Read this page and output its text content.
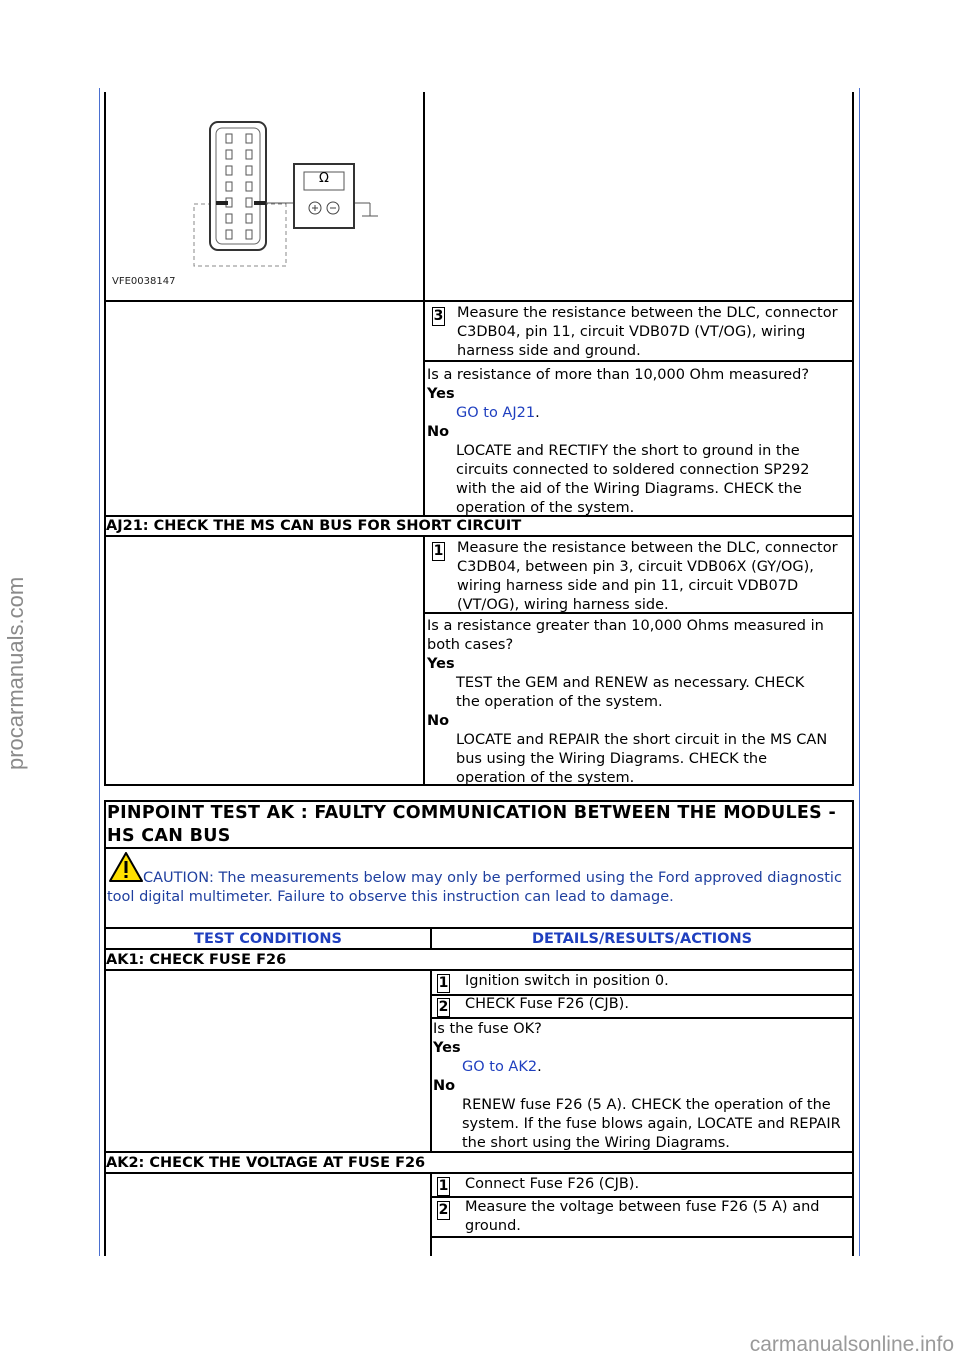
procarmanuals.com
carmanualsonline.info
Ω
VFE0038147
3 Measure the resistance between the DLC, connector C3DB04, pin 11, circuit VDB07D (VT/OG), wiring harness side and ground.
Is a resistance of more than 10,000 Ohm measured?
Yes
GO to AJ21.
No
LOCATE and RECTIFY the short to ground in the circuits connected to soldered connection SP292 with the aid of the Wiring Diagrams. CHECK the operation of the system.
AJ21: CHECK THE MS CAN BUS FOR SHORT CIRCUIT
1 Measure the resistance between the DLC, connector C3DB04, between pin 3, circuit VDB06X (GY/OG), wiring harness side and pin 11, circuit VDB07D (VT/OG), wiring harness side.
Is a resistance greater than 10,000 Ohms measured in both cases?
Yes
TEST the GEM and RENEW as necessary. CHECK the operation of the system.
No
LOCATE and REPAIR the short circuit in the MS CAN bus using the Wiring Diagrams. CHECK the operation of the system.
PINPOINT TEST AK : FAULTY COMMUNICATION BETWEEN THE MODULES -
HS CAN BUS
CAUTION: The measurements below may only be performed using the Ford approved diagnostic tool digital multimeter. Failure to observe this instruction can lead to damage.
TEST CONDITIONS	DETAILS/RESULTS/ACTIONS
AK1: CHECK FUSE F26
1 Ignition switch in position 0.
2 CHECK Fuse F26 (CJB).
Is the fuse OK?
Yes
GO to AK2.
No
RENEW fuse F26 (5 A). CHECK the operation of the system. If the fuse blows again, LOCATE and REPAIR the short using the Wiring Diagrams.
AK2: CHECK THE VOLTAGE AT FUSE F26
1 Connect Fuse F26 (CJB).
2 Measure the voltage between fuse F26 (5 A) and ground.
